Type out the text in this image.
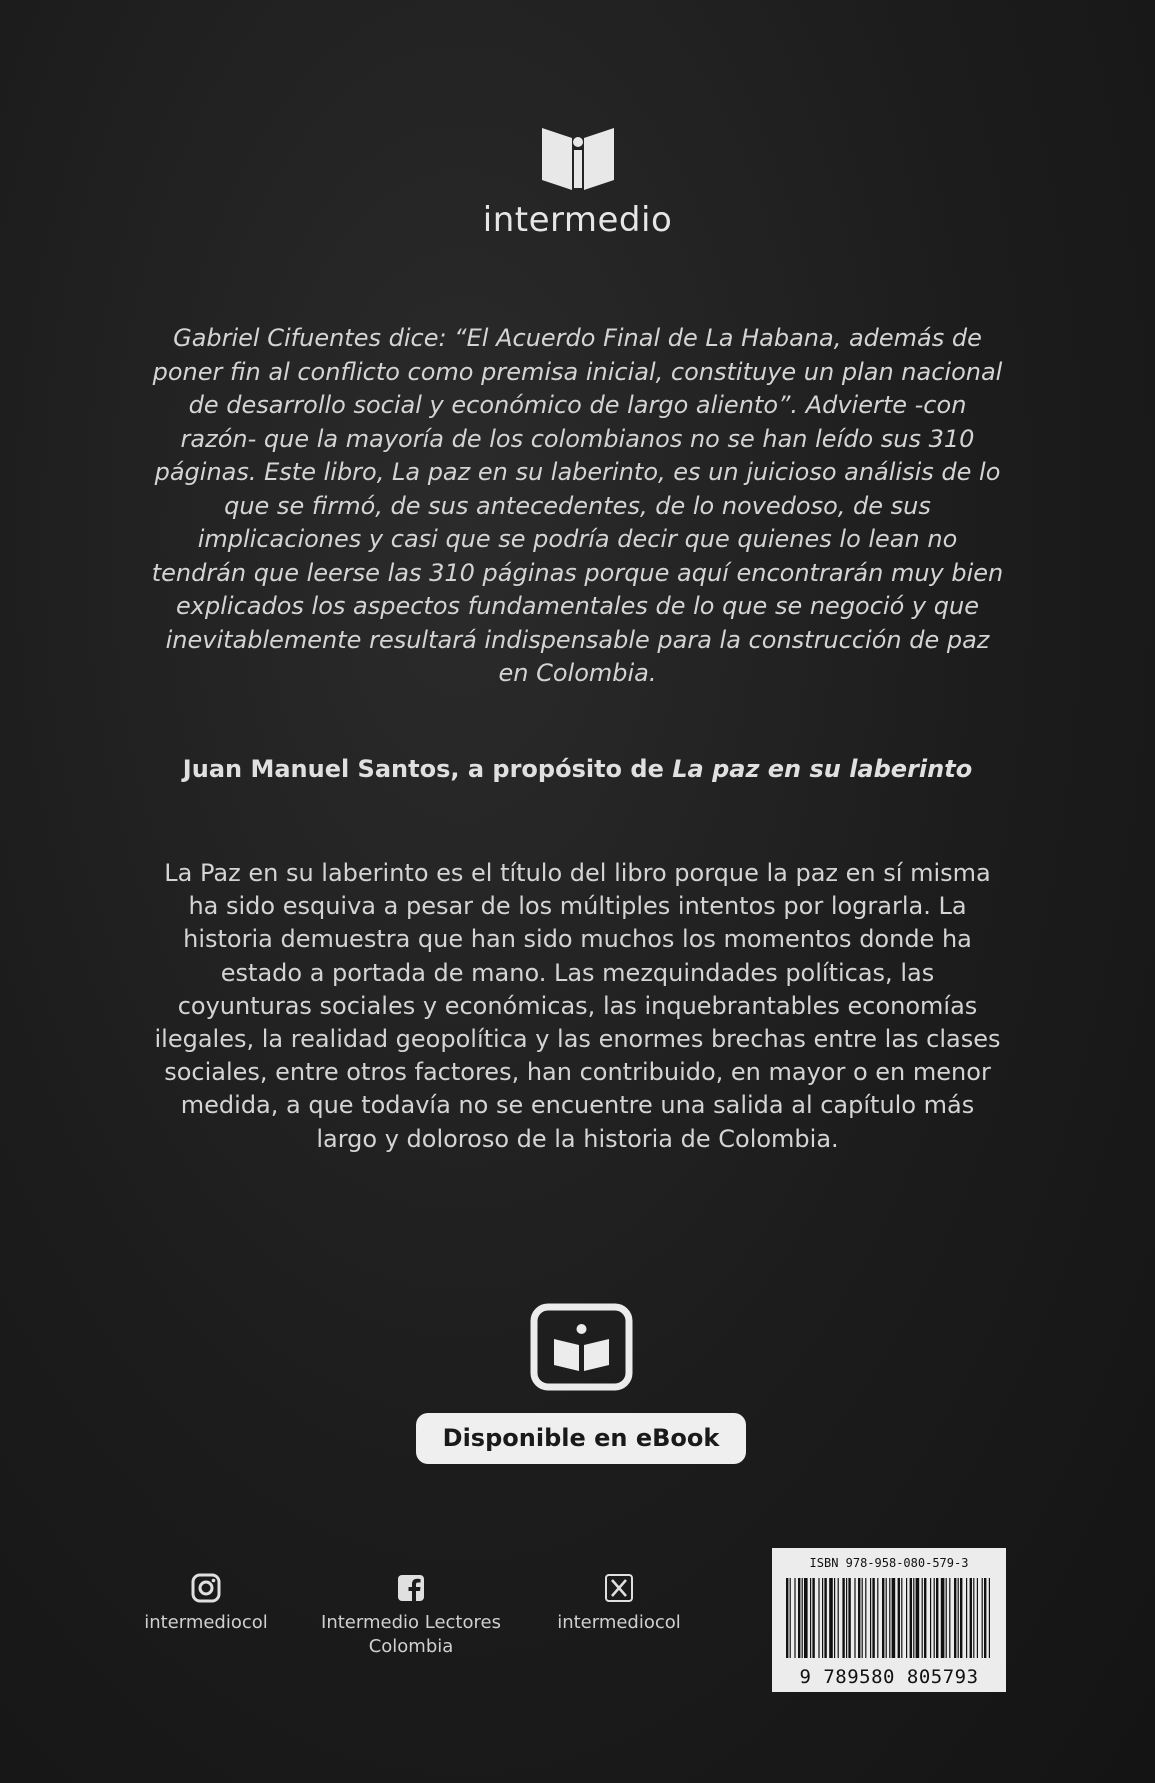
intermedio
Gabriel Cifuentes dice: “El Acuerdo Final de La Habana, además de poner fin al conflicto como premisa inicial, constituye un plan nacional de desarrollo social y económico de largo aliento”. Advierte -con razón- que la mayoría de los colombianos no se han leído sus 310 páginas. Este libro, La paz en su laberinto, es un juicioso análisis de lo que se firmó, de sus antecedentes, de lo novedoso, de sus implicaciones y casi que se podría decir que quienes lo lean no tendrán que leerse las 310 páginas porque aquí encontrarán muy bien explicados los aspectos fundamentales de lo que se negoció y que inevitablemente resultará indispensable para la construcción de paz en Colombia.
Juan Manuel Santos, a propósito de La paz en su laberinto
La Paz en su laberinto es el título del libro porque la paz en sí misma ha sido esquiva a pesar de los múltiples intentos por lograrla. La historia demuestra que han sido muchos los momentos donde ha estado a portada de mano. Las mezquindades políticas, las coyunturas sociales y económicas, las inquebrantables economías ilegales, la realidad geopolítica y las enormes brechas entre las clases sociales, entre otros factores, han contribuido, en mayor o en menor medida, a que todavía no se encuentre una salida al capítulo más largo y doloroso de la historia de Colombia.
Disponible en eBook
intermediocol	Intermedio Lectores
Colombia
intermediocol
ISBN 978-958-080-579-3
9 789580 805793
